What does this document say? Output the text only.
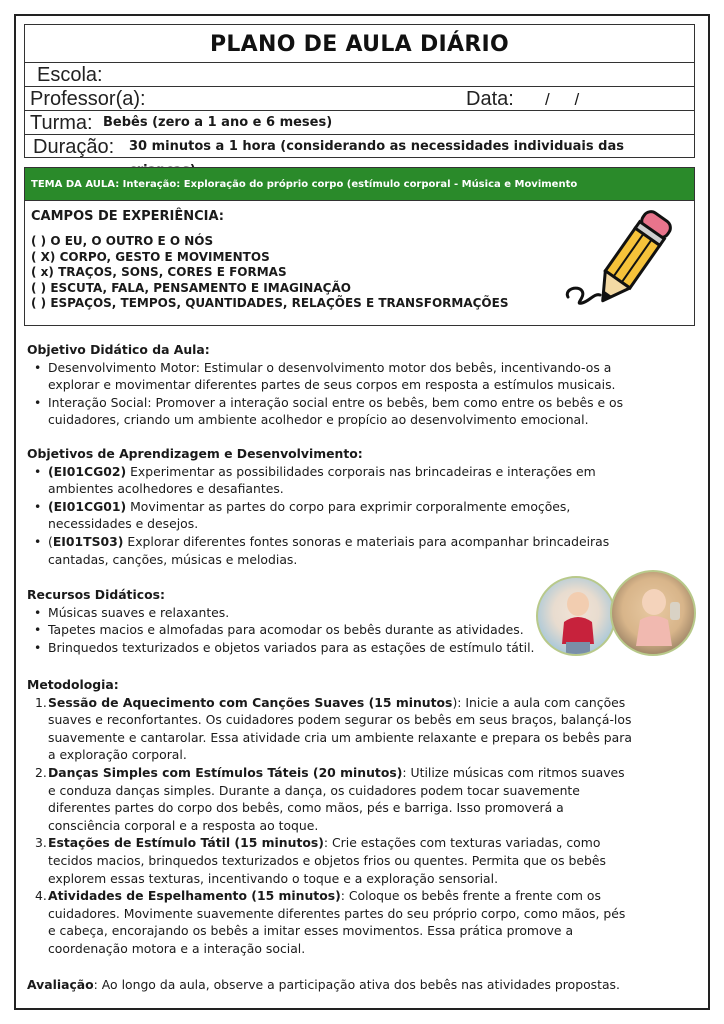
PLANO DE AULA DIÁRIO
Escola:
Professor(a):	Data: / /
Turma: Bebês (zero a 1 ano e 6 meses)
Duração: 30 minutos a 1 hora (considerando as necessidades individuais das
TEMA DA AULA: Interação: Exploração do próprio corpo (estímulo corporal - Música e Movimento
CAMPOS DE EXPERIÊNCIA:
( ) O EU, O OUTRO E O NÓS
( X) CORPO, GESTO E MOVIMENTOS
( x) TRAÇOS, SONS, CORES E FORMAS
( ) ESCUTA, FALA, PENSAMENTO E IMAGINAÇÃO
( ) ESPAÇOS, TEMPOS, QUANTIDADES, RELAÇÕES E TRANSFORMAÇÕES
Objetivo Didático da Aula:
• Desenvolvimento Motor: Estimular o desenvolvimento motor dos bebês, incentivando-os a explorar e movimentar diferentes partes de seus corpos em resposta a estímulos musicais.
• Interação Social: Promover a interação social entre os bebês, bem como entre os bebês e os cuidadores, criando um ambiente acolhedor e propício ao desenvolvimento emocional.
Objetivos de Aprendizagem e Desenvolvimento:
• (EI01CG02) Experimentar as possibilidades corporais nas brincadeiras e interações em ambientes acolhedores e desafiantes.
• (EI01CG01) Movimentar as partes do corpo para exprimir corporalmente emoções, necessidades e desejos.
• (EI01TS03) Explorar diferentes fontes sonoras e materiais para acompanhar brincadeiras cantadas, canções, músicas e melodias.
Recursos Didáticos:
• Músicas suaves e relaxantes.
• Tapetes macios e almofadas para acomodar os bebês durante as atividades.
• Brinquedos texturizados e objetos variados para as estações de estímulo tátil.
Metodologia:
1. Sessão de Aquecimento com Canções Suaves (15 minutos): Inicie a aula com canções suaves e reconfortantes. Os cuidadores podem segurar os bebês em seus braços, balançá-los suavemente e cantarolar. Essa atividade cria um ambiente relaxante e prepara os bebês para a exploração corporal.
2. Danças Simples com Estímulos Táteis (20 minutos): Utilize músicas com ritmos suaves e conduza danças simples. Durante a dança, os cuidadores podem tocar suavemente diferentes partes do corpo dos bebês, como mãos, pés e barriga. Isso promoverá a consciência corporal e a resposta ao toque.
3. Estações de Estímulo Tátil (15 minutos): Crie estações com texturas variadas, como tecidos macios, brinquedos texturizados e objetos frios ou quentes. Permita que os bebês explorem essas texturas, incentivando o toque e a exploração sensorial.
4. Atividades de Espelhamento (15 minutos): Coloque os bebês frente a frente com os cuidadores. Movimente suavemente diferentes partes do seu próprio corpo, como mãos, pés e cabeça, encorajando os bebês a imitar esses movimentos. Essa prática promove a coordenação motora e a interação social.
Avaliação: Ao longo da aula, observe a participação ativa dos bebês nas atividades propostas.
